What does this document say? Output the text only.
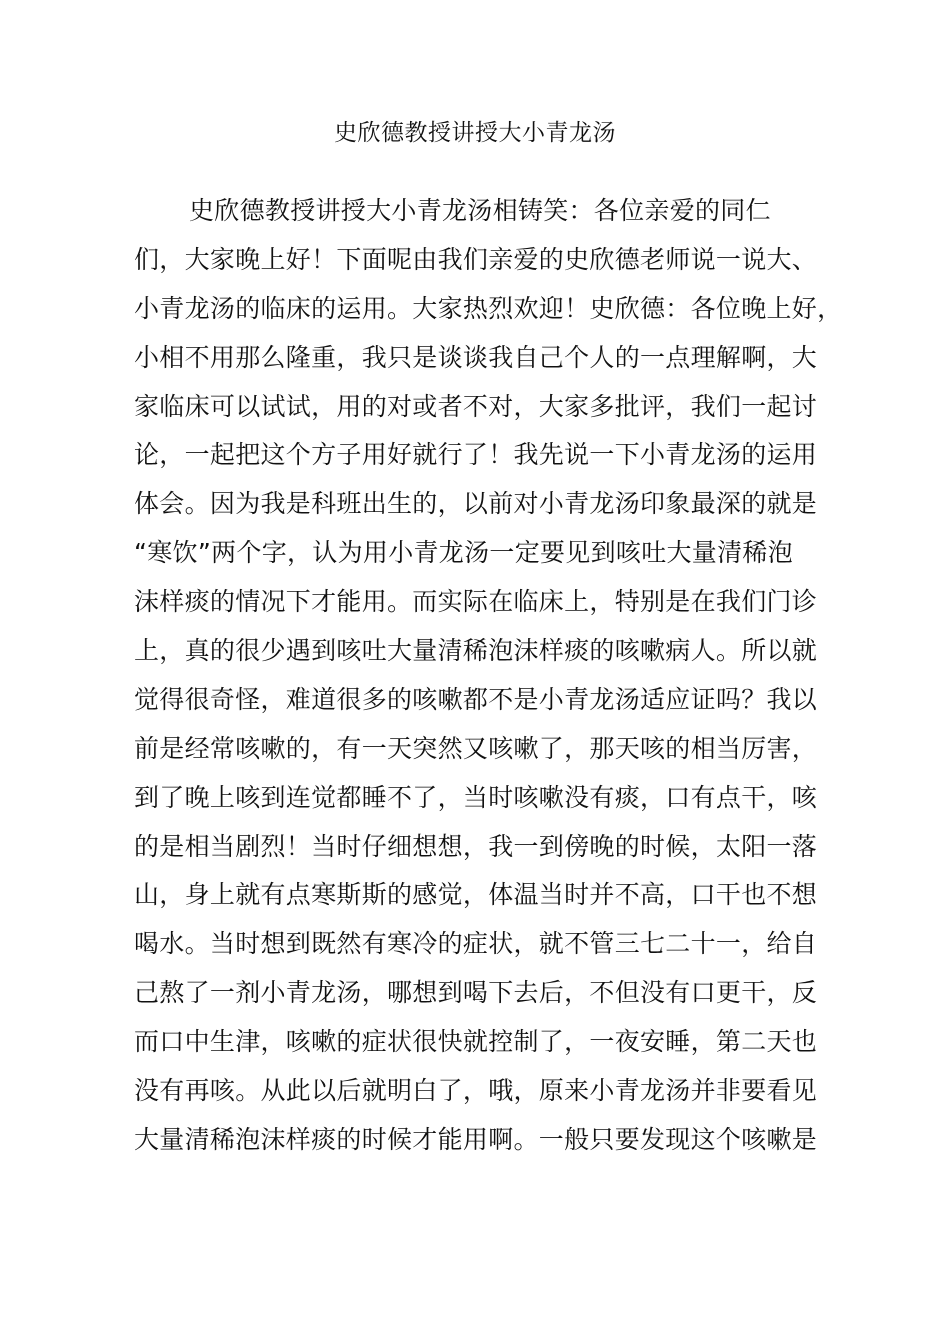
史欣德教授讲授大小青龙汤
史欣德教授讲授大小青龙汤相铸笑：各位亲爱的同仁
们，大家晚上好！下面呢由我们亲爱的史欣德老师说一说大、
小青龙汤的临床的运用。大家热烈欢迎！史欣德：各位晚上好，
小相不用那么隆重，我只是谈谈我自己个人的一点理解啊，大
家临床可以试试，用的对或者不对，大家多批评，我们一起讨
论，一起把这个方子用好就行了！我先说一下小青龙汤的运用
体会。因为我是科班出生的，以前对小青龙汤印象最深的就是
“寒饮”两个字，认为用小青龙汤一定要见到咳吐大量清稀泡
沫样痰的情况下才能用。而实际在临床上，特别是在我们门诊
上，真的很少遇到咳吐大量清稀泡沫样痰的咳嗽病人。所以就
觉得很奇怪，难道很多的咳嗽都不是小青龙汤适应证吗？我以
前是经常咳嗽的，有一天突然又咳嗽了，那天咳的相当厉害，
到了晚上咳到连觉都睡不了，当时咳嗽没有痰，口有点干，咳
的是相当剧烈！当时仔细想想，我一到傍晚的时候，太阳一落
山，身上就有点寒斯斯的感觉，体温当时并不高，口干也不想
喝水。当时想到既然有寒冷的症状，就不管三七二十一，给自
己熬了一剂小青龙汤，哪想到喝下去后，不但没有口更干，反
而口中生津，咳嗽的症状很快就控制了，一夜安睡，第二天也
没有再咳。从此以后就明白了，哦，原来小青龙汤并非要看见
大量清稀泡沫样痰的时候才能用啊。一般只要发现这个咳嗽是
